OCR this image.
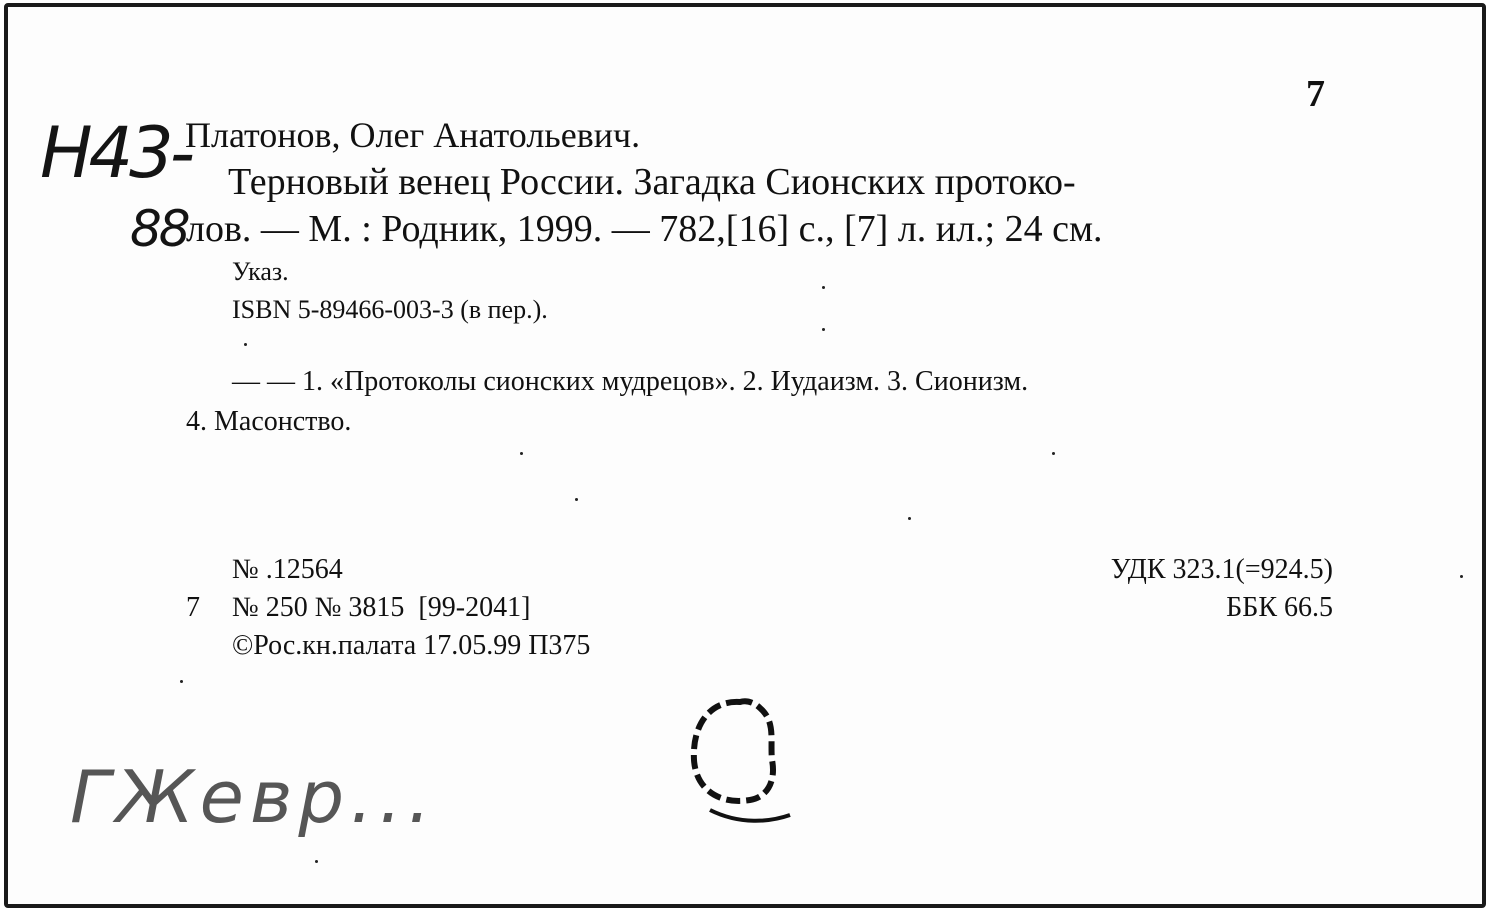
7
Н43-
88
Платонов, Олег Анатольевич.
Терновый венец России. Загадка Сионских протоко-
лов. — М. : Родник, 1999. — 782,[16] с., [7] л. ил.; 24 см.
Указ.
ISBN 5-89466-003-3 (в пер.).
— — 1. «Протоколы сионских мудрецов». 2. Иудаизм. 3. Сионизм.
4. Масонство.
№ .12564
7 № 250 № 3815  [99-2041]
©Рос.кн.палата 17.05.99 П375
УДК 323.1(=924.5)
ББК 66.5
ГЖевр...
